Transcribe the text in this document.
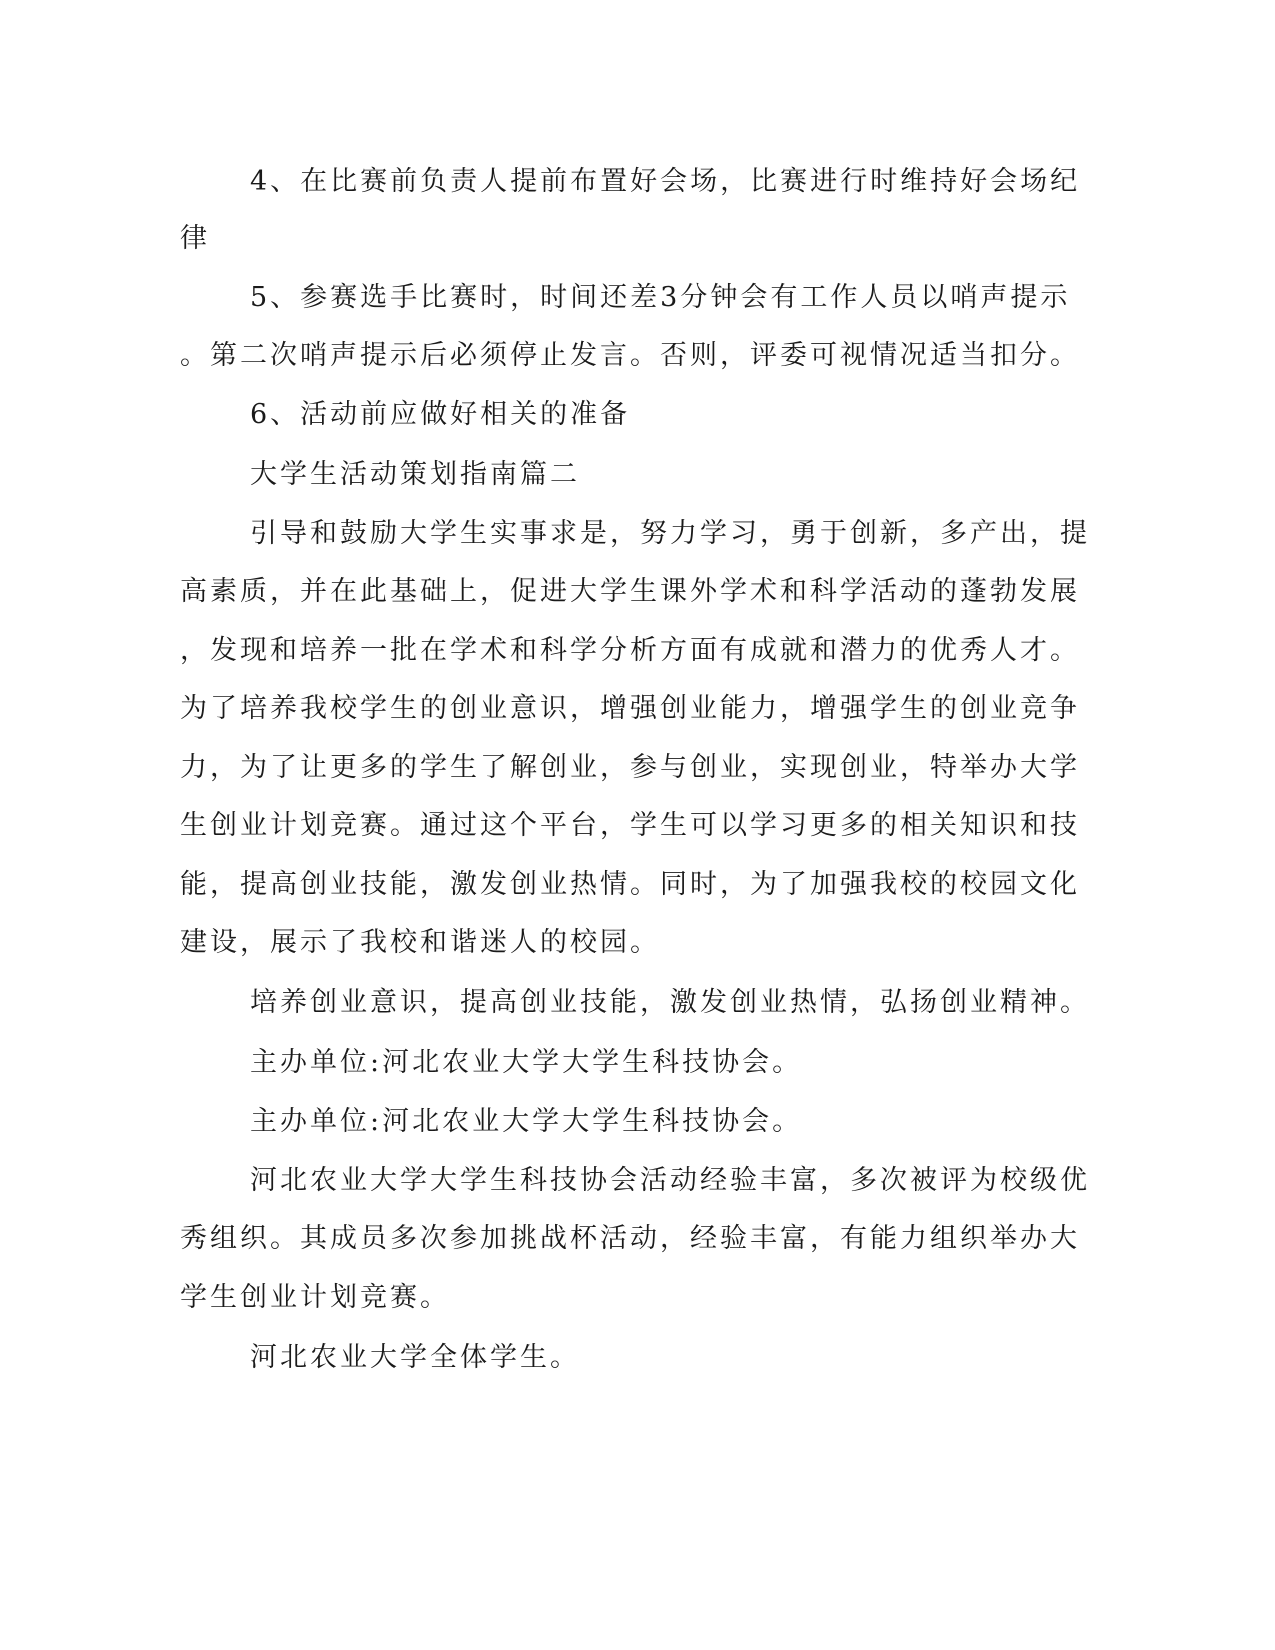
4、在比赛前负责人提前布置好会场，比赛进行时维持好会场纪
律
5、参赛选手比赛时，时间还差3分钟会有工作人员以哨声提示
。第二次哨声提示后必须停止发言。否则，评委可视情况适当扣分。
6、活动前应做好相关的准备
大学生活动策划指南篇二
引导和鼓励大学生实事求是，努力学习，勇于创新，多产出，提
高素质，并在此基础上，促进大学生课外学术和科学活动的蓬勃发展
，发现和培养一批在学术和科学分析方面有成就和潜力的优秀人才。
为了培养我校学生的创业意识，增强创业能力，增强学生的创业竞争
力，为了让更多的学生了解创业，参与创业，实现创业，特举办大学
生创业计划竞赛。通过这个平台，学生可以学习更多的相关知识和技
能，提高创业技能，激发创业热情。同时，为了加强我校的校园文化
建设，展示了我校和谐迷人的校园。
培养创业意识，提高创业技能，激发创业热情，弘扬创业精神。
主办单位:河北农业大学大学生科技协会。
主办单位:河北农业大学大学生科技协会。
河北农业大学大学生科技协会活动经验丰富，多次被评为校级优
秀组织。其成员多次参加挑战杯活动，经验丰富，有能力组织举办大
学生创业计划竞赛。
河北农业大学全体学生。
